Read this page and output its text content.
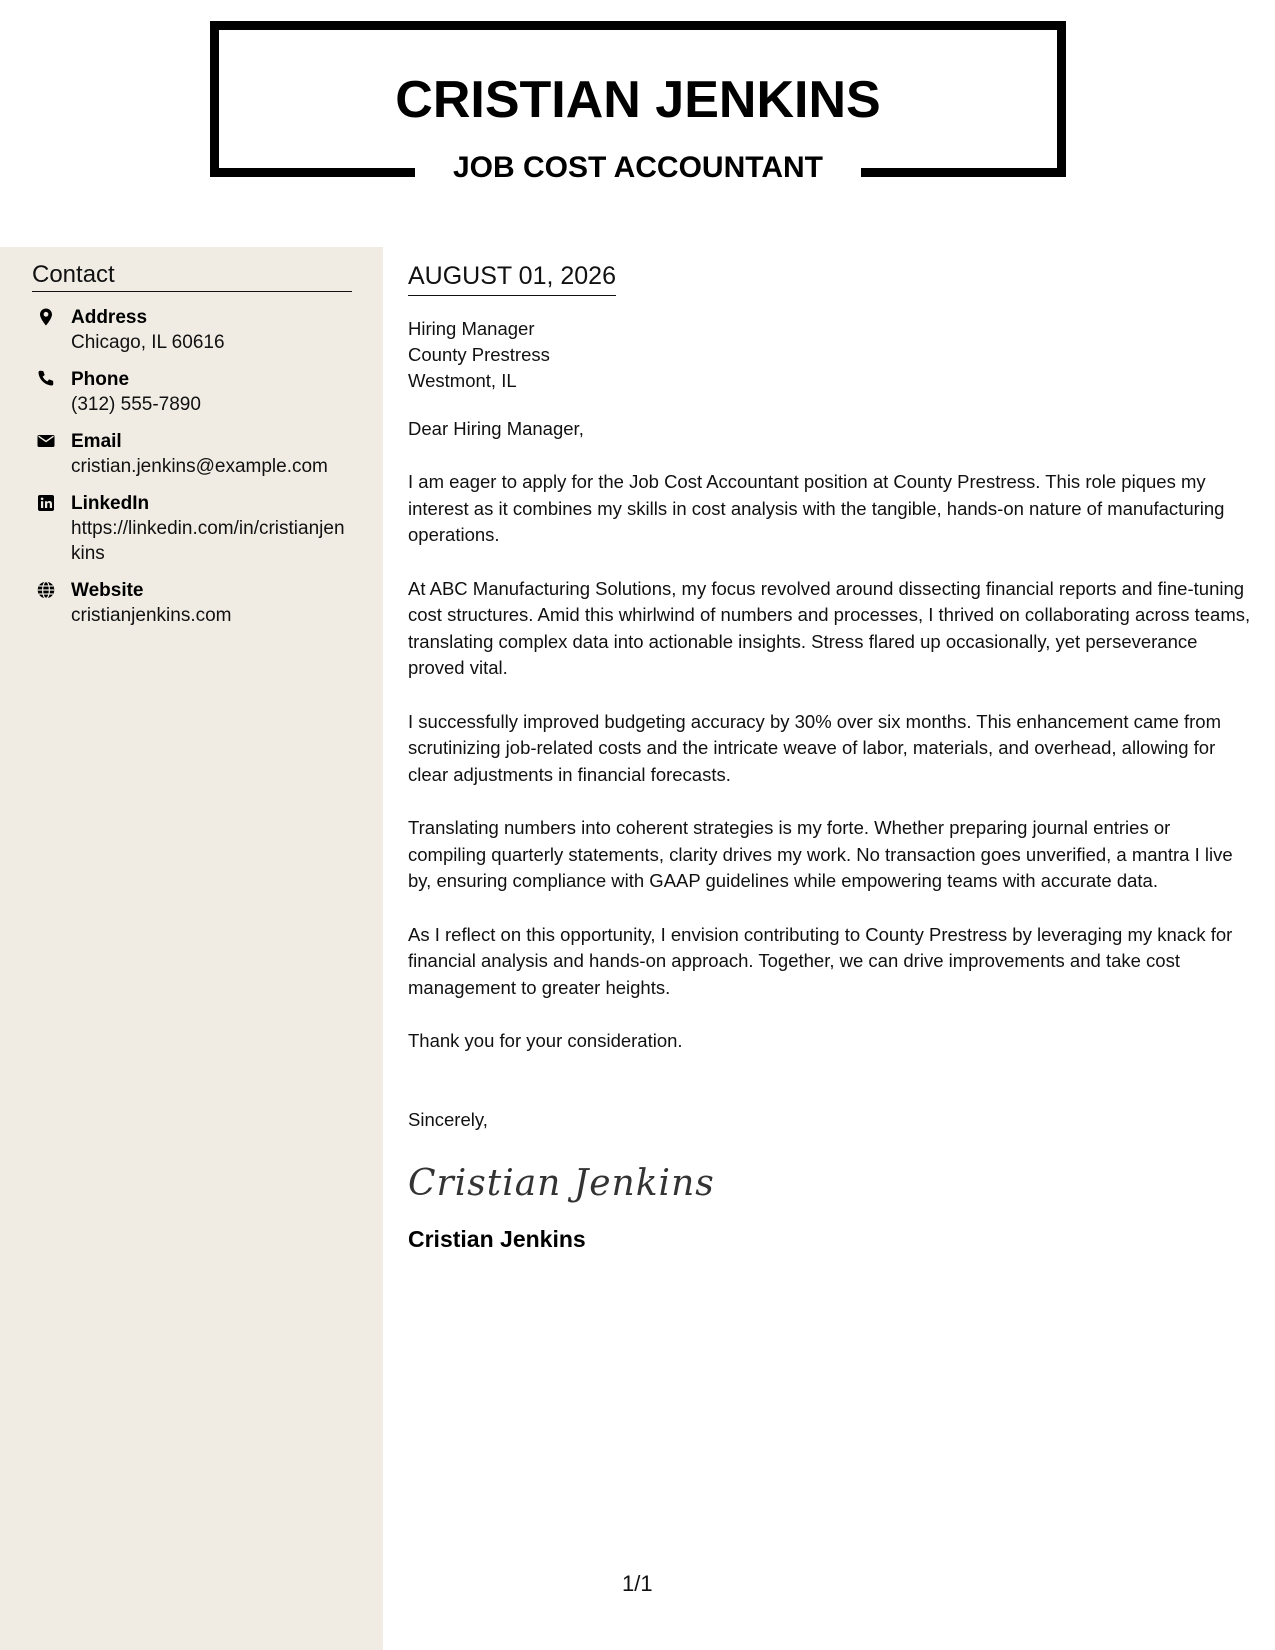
CRISTIAN JENKINS
JOB COST ACCOUNTANT
Contact
Address
Chicago, IL 60616
Phone
(312) 555-7890
Email
cristian.jenkins@example.com
LinkedIn
https://linkedin.com/in/cristianjenkins
Website
cristianjenkins.com
AUGUST 01, 2026
Hiring Manager
County Prestress
Westmont, IL
Dear Hiring Manager,
I am eager to apply for the Job Cost Accountant position at County Prestress. This role piques my interest as it combines my skills in cost analysis with the tangible, hands-on nature of manufacturing operations.
At ABC Manufacturing Solutions, my focus revolved around dissecting financial reports and fine-tuning cost structures. Amid this whirlwind of numbers and processes, I thrived on collaborating across teams, translating complex data into actionable insights. Stress flared up occasionally, yet perseverance proved vital.
I successfully improved budgeting accuracy by 30% over six months. This enhancement came from scrutinizing job-related costs and the intricate weave of labor, materials, and overhead, allowing for clear adjustments in financial forecasts.
Translating numbers into coherent strategies is my forte. Whether preparing journal entries or compiling quarterly statements, clarity drives my work. No transaction goes unverified, a mantra I live by, ensuring compliance with GAAP guidelines while empowering teams with accurate data.
As I reflect on this opportunity, I envision contributing to County Prestress by leveraging my knack for financial analysis and hands-on approach. Together, we can drive improvements and take cost management to greater heights.
Thank you for your consideration.
Sincerely,
Cristian Jenkins
Cristian Jenkins
1/1
